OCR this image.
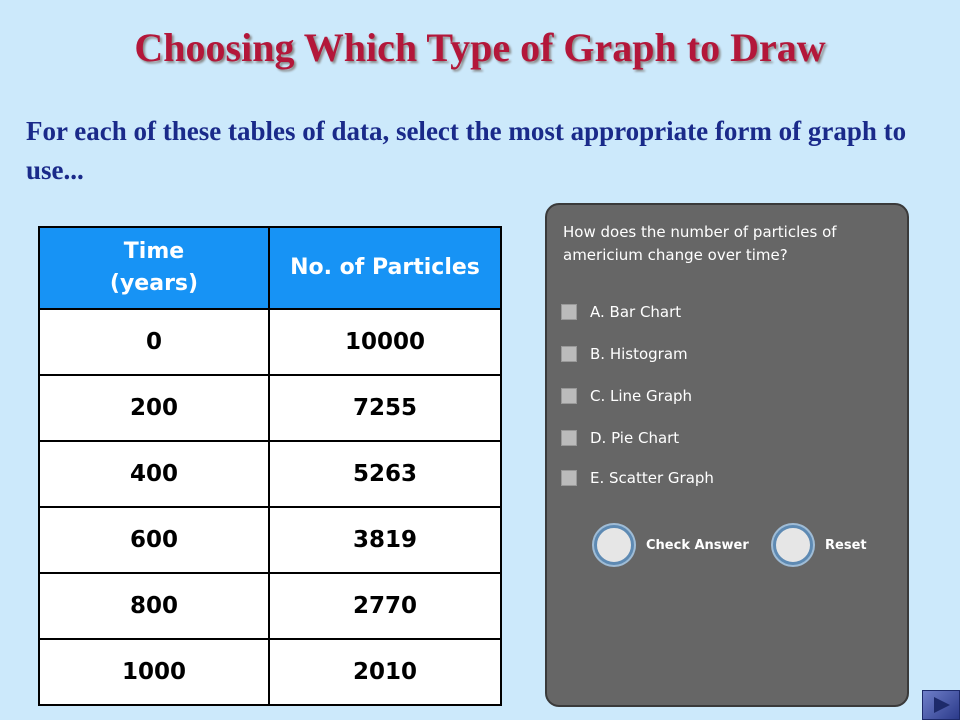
Choosing Which Type of Graph to Draw
For each of these tables of data, select the most appropriate form of graph to use...
Time (years)	No. of Particles
0	10000
200	7255
400	5263
600	3819
800	2770
1000	2010
How does the number of particles of americium change over time?
A. Bar Chart
B. Histogram
C. Line Graph
D. Pie Chart
E. Scatter Graph
Check Answer	Reset
